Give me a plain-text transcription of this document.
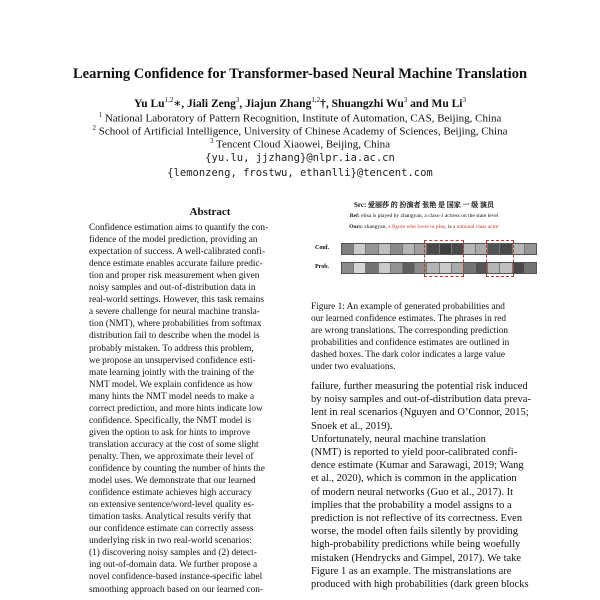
Learning Confidence for Transformer-based Neural Machine Translation
Yu Lu$^{1,2}$∗, Jiali Zeng$^3$, Jiajun Zhang$^{1,2}$†, Shuangzhi Wu$^3$ and Mu Li$^3$
$^1$ National Laboratory of Pattern Recognition, Institute of Automation, CAS, Beijing, China
$^2$ School of Artificial Intelligence, University of Chinese Academy of Sciences, Beijing, China
$^3$ Tencent Cloud Xiaowei, Beijing, China
{yu.lu, jjzhang}@nlpr.ia.ac.cn
{lemonzeng, frostwu, ethanlli}@tencent.com
Abstract
Confidence estimation aims to quantify the con-
fidence of the model prediction, providing an
expectation of success. A well-calibrated confi-
dence estimate enables accurate failure predic-
tion and proper risk measurement when given
noisy samples and out-of-distribution data in
real-world settings. However, this task remains
a severe challenge for neural machine transla-
tion (NMT), where probabilities from softmax
distribution fail to describe when the model is
probably mistaken. To address this problem,
we propose an unsupervised confidence esti-
mate learning jointly with the training of the
NMT model. We explain confidence as how
many hints the NMT model needs to make a
correct prediction, and more hints indicate low
confidence. Specifically, the NMT model is
given the option to ask for hints to improve
translation accuracy at the cost of some slight
penalty. Then, we approximate their level of
confidence by counting the number of hints the
model uses. We demonstrate that our learned
confidence estimate achieves high accuracy
on extensive sentence/word-level quality es-
timation tasks. Analytical results verify that
our confidence estimate can correctly assess
underlying risk in two real-world scenarios:
(1) discovering noisy samples and (2) detect-
ing out-of-domain data. We further propose a
novel confidence-based instance-specific label
smoothing approach based on our learned con-
Src: 爱丽莎 的 扮演者 张艳 是 国家 一 级 演员
Ref: elisa is played by zhangyan, a class-1 actress on the state level
Ours: zhangyan, a figure who loves to play, is a national class actor
Conf.
Prob.
Figure 1: An example of generated probabilities and
our learned confidence estimates. The phrases in red
are wrong translations. The corresponding prediction
probabilities and confidence estimates are outlined in
dashed boxes. The dark color indicates a large value
under two evaluations.
failure, further measuring the potential risk induced
by noisy samples and out-of-distribution data preva-
lent in real scenarios (Nguyen and O’Connor, 2015;
Snoek et al., 2019).
Unfortunately, neural machine translation
(NMT) is reported to yield poor-calibrated confi-
dence estimate (Kumar and Sarawagi, 2019; Wang
et al., 2020), which is common in the application
of modern neural networks (Guo et al., 2017). It
implies that the probability a model assigns to a
prediction is not reflective of its correctness. Even
worse, the model often fails silently by providing
high-probability predictions while being woefully
mistaken (Hendrycks and Gimpel, 2017). We take
Figure 1 as an example. The mistranslations are
produced with high probabilities (dark green blocks
